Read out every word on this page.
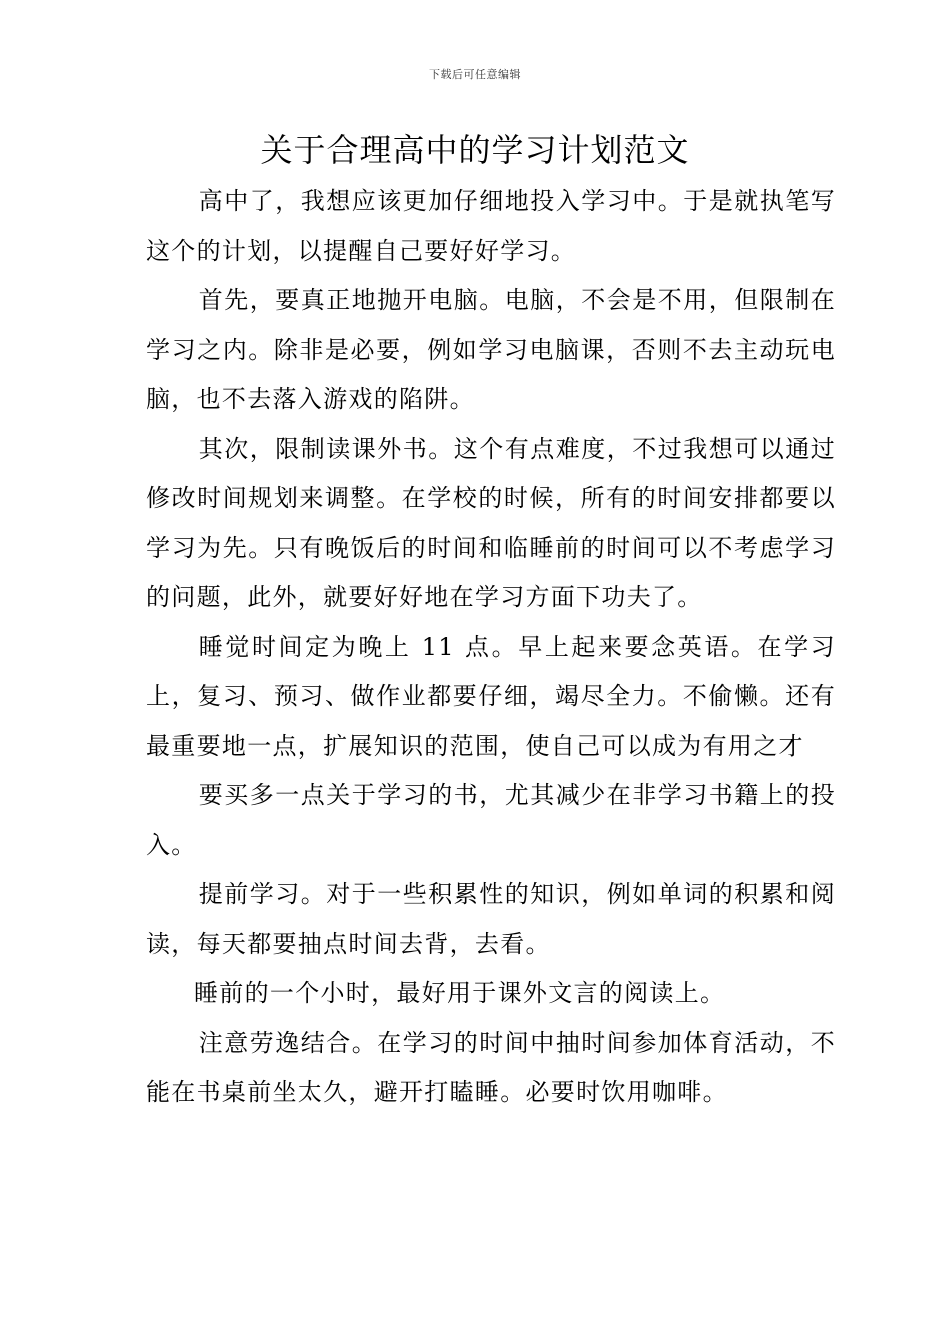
下载后可任意编辑
关于合理高中的学习计划范文

高中了，我想应该更加仔细地投入学习中。于是就执笔写这个的计划，以提醒自己要好好学习。

首先，要真正地抛开电脑。电脑，不会是不用，但限制在学习之内。除非是必要，例如学习电脑课，否则不去主动玩电脑，也不去落入游戏的陷阱。

其次，限制读课外书。这个有点难度，不过我想可以通过修改时间规划来调整。在学校的时候，所有的时间安排都要以学习为先。只有晚饭后的时间和临睡前的时间可以不考虑学习的问题，此外，就要好好地在学习方面下功夫了。

睡觉时间定为晚上 11 点。早上起来要念英语。在学习上，复习、预习、做作业都要仔细，竭尽全力。不偷懒。还有最重要地一点，扩展知识的范围，使自己可以成为有用之才

要买多一点关于学习的书，尤其减少在非学习书籍上的投入。

提前学习。对于一些积累性的知识，例如单词的积累和阅读，每天都要抽点时间去背，去看。

睡前的一个小时，最好用于课外文言的阅读上。

注意劳逸结合。在学习的时间中抽时间参加体育活动，不能在书桌前坐太久，避开打瞌睡。必要时饮用咖啡。
